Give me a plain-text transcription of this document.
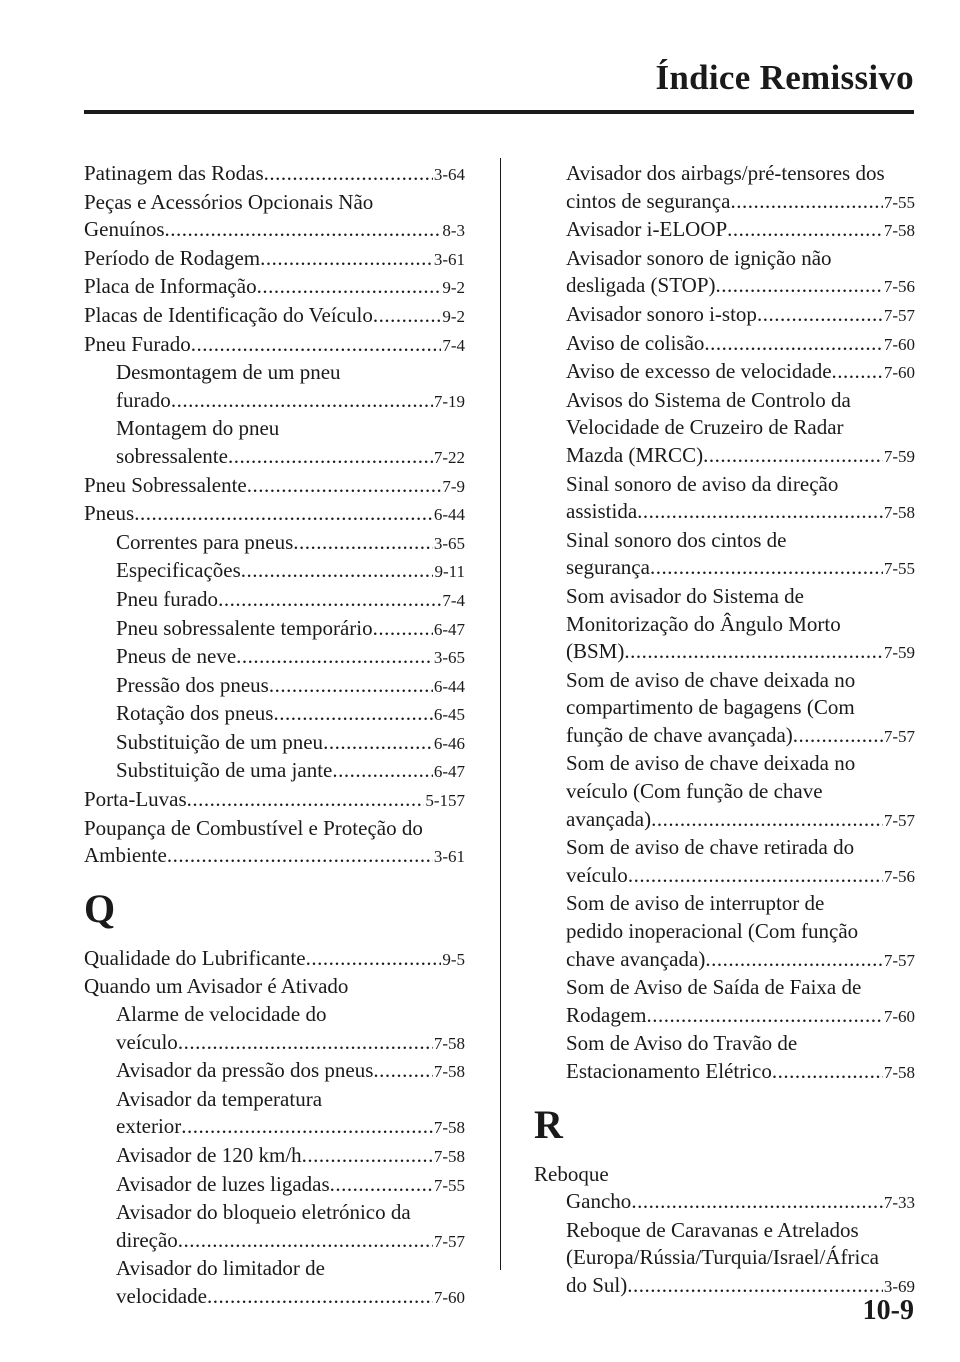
Índice Remissivo
Patinagem das Rodas .....	3-64
Peças e Acessórios Opcionais Não
Genuínos .....	8-3
Período de Rodagem .....	3-61
Placa de Informação .....	9-2
Placas de Identificação do Veículo .....	9-2
Pneu Furado .....	7-4
Desmontagem de um pneu
furado .....	7-19
Montagem do pneu
sobressalente .....	7-22
Pneu Sobressalente .....	7-9
Pneus .....	6-44
Correntes para pneus .....	3-65
Especificações .....	9-11
Pneu furado .....	7-4
Pneu sobressalente temporário .....	6-47
Pneus de neve .....	3-65
Pressão dos pneus .....	6-44
Rotação dos pneus .....	6-45
Substituição de um pneu .....	6-46
Substituição de uma jante .....	6-47
Porta-Luvas .....	5-157
Poupança de Combustível e Proteção do
Ambiente .....	3-61
Q
Qualidade do Lubrificante .....	9-5
Quando um Avisador é Ativado
Alarme de velocidade do
veículo .....	7-58
Avisador da pressão dos pneus .....	7-58
Avisador da temperatura
exterior .....	7-58
Avisador de 120 km/h .....	7-58
Avisador de luzes ligadas .....	7-55
Avisador do bloqueio eletrónico da
direção .....	7-57
Avisador do limitador de
velocidade .....	7-60
Avisador dos airbags/pré-tensores dos
cintos de segurança .....	7-55
Avisador i-ELOOP .....	7-58
Avisador sonoro de ignição não
desligada (STOP) .....	7-56
Avisador sonoro i-stop .....	7-57
Aviso de colisão .....	7-60
Aviso de excesso de velocidade .....	7-60
Avisos do Sistema de Controlo da
Velocidade de Cruzeiro de Radar
Mazda (MRCC) .....	7-59
Sinal sonoro de aviso da direção
assistida .....	7-58
Sinal sonoro dos cintos de
segurança .....	7-55
Som avisador do Sistema de
Monitorização do Ângulo Morto
(BSM) .....	7-59
Som de aviso de chave deixada no
compartimento de bagagens (Com
função de chave avançada) .....	7-57
Som de aviso de chave deixada no
veículo (Com função de chave
avançada) .....	7-57
Som de aviso de chave retirada do
veículo .....	7-56
Som de aviso de interruptor de
pedido inoperacional (Com função
chave avançada) .....	7-57
Som de Aviso de Saída de Faixa de
Rodagem .....	7-60
Som de Aviso do Travão de
Estacionamento Elétrico .....	7-58
R
Reboque
Gancho .....	7-33
Reboque de Caravanas e Atrelados
(Europa/Rússia/Turquia/Israel/África
do Sul) .....	3-69
10-9
